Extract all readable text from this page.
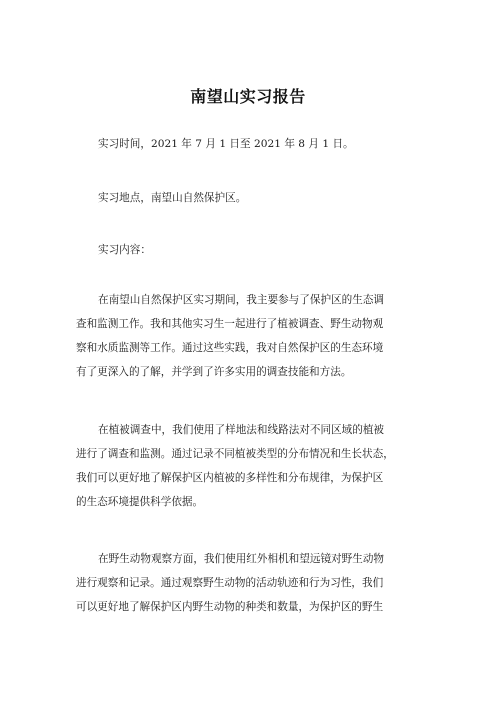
南望山实习报告
实习时间，2021 年 7 月 1 日至 2021 年 8 月 1 日。
实习地点，南望山自然保护区。
实习内容：
在南望山自然保护区实习期间，我主要参与了保护区的生态调
查和监测工作。我和其他实习生一起进行了植被调查、野生动物观
察和水质监测等工作。通过这些实践，我对自然保护区的生态环境
有了更深入的了解，并学到了许多实用的调查技能和方法。
在植被调查中，我们使用了样地法和线路法对不同区域的植被
进行了调查和监测。通过记录不同植被类型的分布情况和生长状态，
我们可以更好地了解保护区内植被的多样性和分布规律，为保护区
的生态环境提供科学依据。
在野生动物观察方面，我们使用红外相机和望远镜对野生动物
进行观察和记录。通过观察野生动物的活动轨迹和行为习性，我们
可以更好地了解保护区内野生动物的种类和数量，为保护区的野生
